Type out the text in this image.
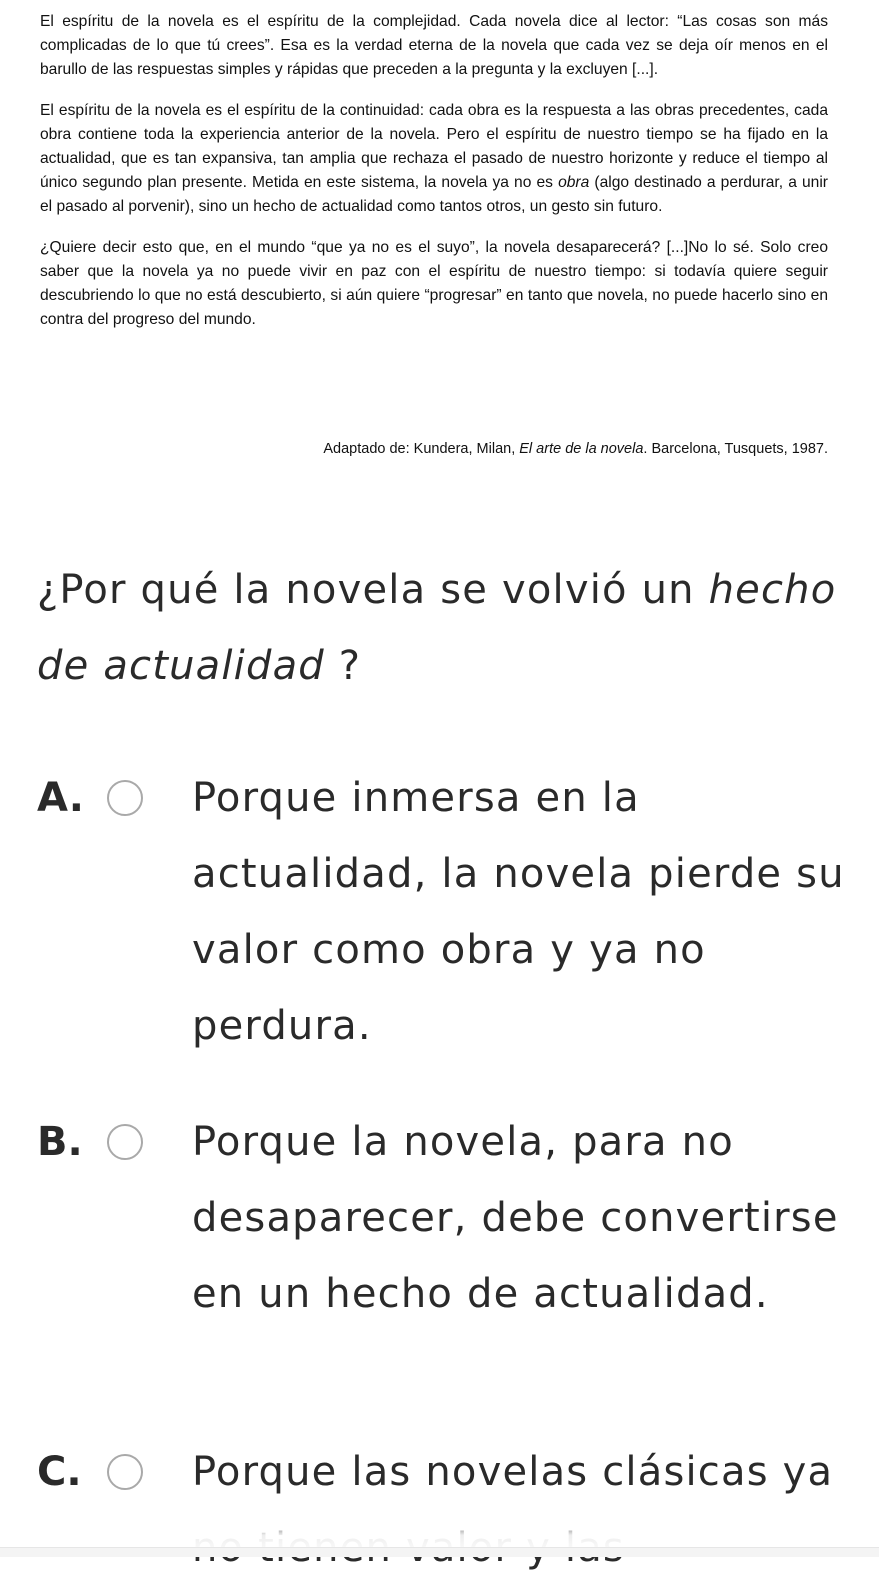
El espíritu de la novela es el espíritu de la complejidad. Cada novela dice al lector: “Las cosas son más complicadas de lo que tú crees”. Esa es la verdad eterna de la novela que cada vez se deja oír menos en el barullo de las respuestas simples y rápidas que preceden a la pregunta y la excluyen [...].

El espíritu de la novela es el espíritu de la continuidad: cada obra es la respuesta a las obras precedentes, cada obra contiene toda la experiencia anterior de la novela. Pero el espíritu de nuestro tiempo se ha fijado en la actualidad, que es tan expansiva, tan amplia que rechaza el pasado de nuestro horizonte y reduce el tiempo al único segundo plan presente. Metida en este sistema, la novela ya no es obra (algo destinado a perdurar, a unir el pasado al porvenir), sino un hecho de actualidad como tantos otros, un gesto sin futuro.

¿Quiere decir esto que, en el mundo “que ya no es el suyo”, la novela desaparecerá? [...]No lo sé. Solo creo saber que la novela ya no puede vivir en paz con el espíritu de nuestro tiempo: si todavía quiere seguir descubriendo lo que no está descubierto, si aún quiere “progresar” en tanto que novela, no puede hacerlo sino en contra del progreso del mundo.

Adaptado de: Kundera, Milan, El arte de la novela. Barcelona, Tusquets, 1987.
¿Por qué la novela se volvió un hecho de actualidad ?
A.	Porque inmersa en la actualidad, la novela pierde su valor como obra y ya no perdura.
B.	Porque la novela, para no desaparecer, debe convertirse en un hecho de actualidad.
C.	Porque las novelas clásicas ya
